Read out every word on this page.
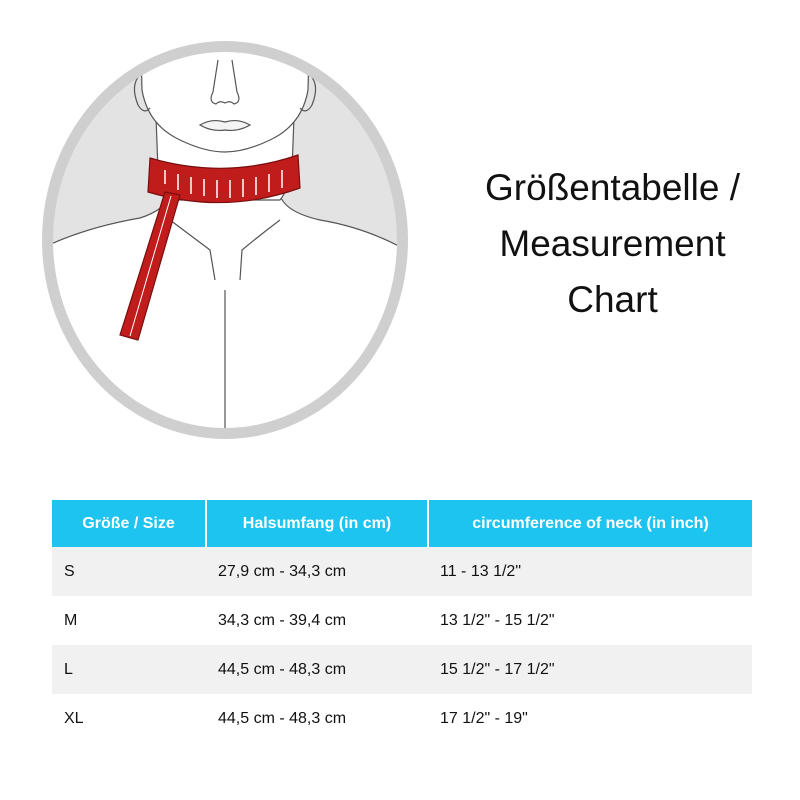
Größentabelle /
Measurement
Chart
Größe / Size	Halsumfang (in cm)	circumference of neck (in inch)
S	27,9 cm - 34,3 cm	11 - 13 1/2"
M	34,3 cm - 39,4 cm	13 1/2" - 15 1/2"
L	44,5 cm - 48,3 cm	15 1/2" - 17 1/2"
XL	44,5 cm - 48,3 cm	17 1/2" - 19"
